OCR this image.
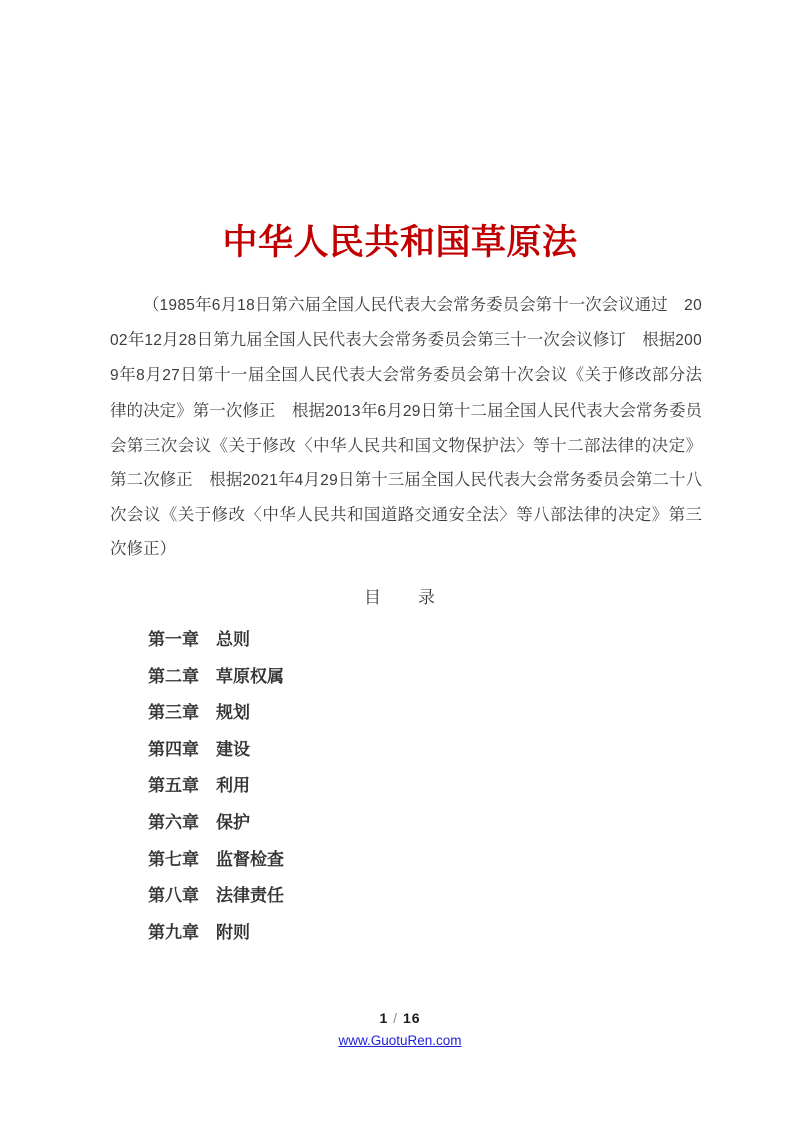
中华人民共和国草原法
（1985年6月18日第六届全国人民代表大会常务委员会第十一次会议通过　2002年12月28日第九届全国人民代表大会常务委员会第三十一次会议修订　根据2009年8月27日第十一届全国人民代表大会常务委员会第十次会议《关于修改部分法律的决定》第一次修正　根据2013年6月29日第十二届全国人民代表大会常务委员会第三次会议《关于修改〈中华人民共和国文物保护法〉等十二部法律的决定》第二次修正　根据2021年4月29日第十三届全国人民代表大会常务委员会第二十八次会议《关于修改〈中华人民共和国道路交通安全法〉等八部法律的决定》第三次修正）
目　　录
第一章 总则
第二章 草原权属
第三章 规划
第四章 建设
第五章 利用
第六章 保护
第七章 监督检查
第八章 法律责任
第九章 附则
1 / 16
www.GuotuRen.com
